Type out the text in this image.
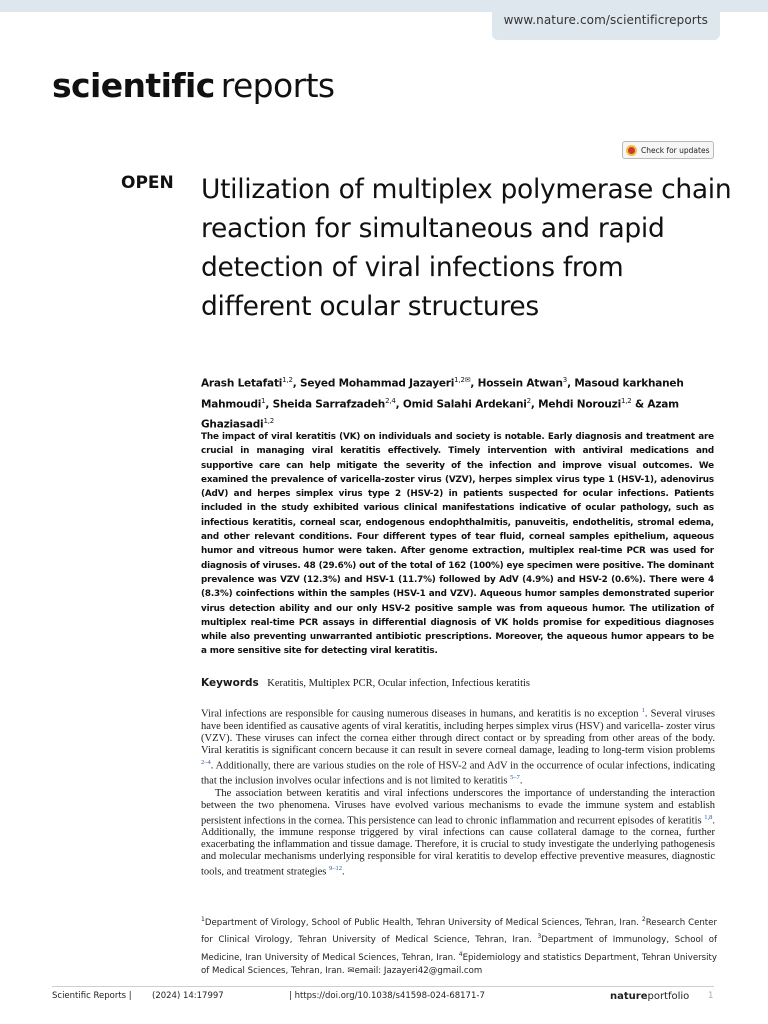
www.nature.com/scientificreports
scientific reports
Check for updates
OPEN Utilization of multiplex polymerase chain reaction for simultaneous and rapid detection of viral infections from different ocular structures

Arash Letafati$^{1,2}$, Seyed Mohammad Jazayeri$^{1,2✉}$, Hossein Atwan$^3$, Masoud karkhaneh Mahmoudi$^1$, Sheida Sarrafzadeh$^{2,4}$, Omid Salahi Ardekani$^2$, Mehdi Norouzi$^{1,2}$ & Azam Ghaziasadi$^{1,2}$

The impact of viral keratitis (VK) on individuals and society is notable. Early diagnosis and treatment are crucial in managing viral keratitis effectively. Timely intervention with antiviral medications and supportive care can help mitigate the severity of the infection and improve visual outcomes. We examined the prevalence of varicella-zoster virus (VZV), herpes simplex virus type 1 (HSV-1), adenovirus (AdV) and herpes simplex virus type 2 (HSV-2) in patients suspected for ocular infections. Patients included in the study exhibited various clinical manifestations indicative of ocular pathology, such as infectious keratitis, corneal scar, endogenous endophthalmitis, panuveitis, endothelitis, stromal edema, and other relevant conditions. Four different types of tear fluid, corneal samples epithelium, aqueous humor and vitreous humor were taken. After genome extraction, multiplex real-time PCR was used for diagnosis of viruses. 48 (29.6%) out of the total of 162 (100%) eye specimen were positive. The dominant prevalence was VZV (12.3%) and HSV-1 (11.7%) followed by AdV (4.9%) and HSV-2 (0.6%). There were 4 (8.3%) coinfections within the samples (HSV-1 and VZV). Aqueous humor samples demonstrated superior virus detection ability and our only HSV-2 positive sample was from aqueous humor. The utilization of multiplex real-time PCR assays in differential diagnosis of VK holds promise for expeditious diagnoses while also preventing unwarranted antibiotic prescriptions. Moreover, the aqueous humor appears to be a more sensitive site for detecting viral keratitis.

Keywords Keratitis, Multiplex PCR, Ocular infection, Infectious keratitis

Viral infections are responsible for causing numerous diseases in humans, and keratitis is no exception $^1$. Several viruses have been identified as causative agents of viral keratitis, including herpes simplex virus (HSV) and varicella- zoster virus (VZV). These viruses can infect the cornea either through direct contact or by spreading from other areas of the body. Viral keratitis is significant concern because it can result in severe corneal damage, leading to long-term vision problems $^{2-4}$. Additionally, there are various studies on the role of HSV-2 and AdV in the occurrence of ocular infections, indicating that the inclusion involves ocular infections and is not limited to keratitis $^{5-7}$.

The association between keratitis and viral infections underscores the importance of understanding the interaction between the two phenomena. Viruses have evolved various mechanisms to evade the immune system and establish persistent infections in the cornea. This persistence can lead to chronic inflammation and recurrent episodes of keratitis $^{1,8}$. Additionally, the immune response triggered by viral infections can cause collateral damage to the cornea, further exacerbating the inflammation and tissue damage. Therefore, it is crucial to study investigate the underlying pathogenesis and molecular mechanisms underlying responsible for viral keratitis to develop effective preventive measures, diagnostic tools, and treatment strategies $^{9-12}$.

$^1$Department of Virology, School of Public Health, Tehran University of Medical Sciences, Tehran, Iran. $^2$Research Center for Clinical Virology, Tehran University of Medical Science, Tehran, Iran. $^3$Department of Immunology, School of Medicine, Iran University of Medical Sciences, Tehran, Iran. $^4$Epidemiology and statistics Department, Tehran University of Medical Sciences, Tehran, Iran. ✉email: Jazayeri42@gmail.com

Scientific Reports | (2024) 14:17997	| https://doi.org/10.1038/s41598-024-68171-7	natureportfolio 1
